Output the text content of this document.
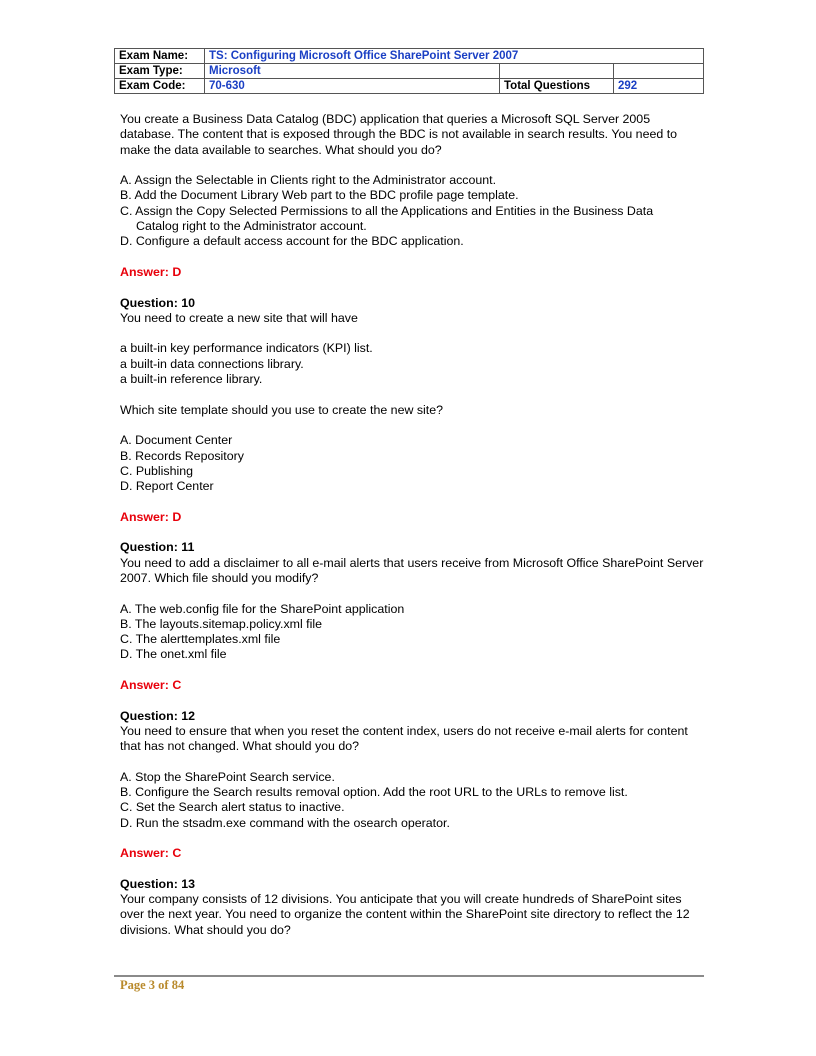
Exam Name:	TS: Configuring Microsoft Office SharePoint Server 2007		
Exam Type:	Microsoft		
Exam Code:	70-630	Total Questions	292

You create a Business Data Catalog (BDC) application that queries a Microsoft SQL Server 2005 database. The content that is exposed through the BDC is not available in search results. You need to make the data available to searches. What should you do?

A. Assign the Selectable in Clients right to the Administrator account.

B. Add the Document Library Web part to the BDC profile page template.

C. Assign the Copy Selected Permissions to all the Applications and Entities in the Business Data

Catalog right to the Administrator account.

D. Configure a default access account for the BDC application.

Answer: D

Question: 10

You need to create a new site that will have

a built-in key performance indicators (KPI) list.

a built-in data connections library.

a built-in reference library.

Which site template should you use to create the new site?

A. Document Center

B. Records Repository

C. Publishing

D. Report Center

Answer: D

Question: 11

You need to add a disclaimer to all e-mail alerts that users receive from Microsoft Office SharePoint Server 2007. Which file should you modify?

A. The web.config file for the SharePoint application

B. The layouts.sitemap.policy.xml file

C. The alerttemplates.xml file

D. The onet.xml file

Answer: C

Question: 12

You need to ensure that when you reset the content index, users do not receive e-mail alerts for content that has not changed. What should you do?

A. Stop the SharePoint Search service.

B. Configure the Search results removal option. Add the root URL to the URLs to remove list.

C. Set the Search alert status to inactive.

D. Run the stsadm.exe command with the osearch operator.

Answer: C

Question: 13

Your company consists of 12 divisions. You anticipate that you will create hundreds of SharePoint sites over the next year. You need to organize the content within the SharePoint site directory to reflect the 12 divisions. What should you do?

Page 3 of 84
